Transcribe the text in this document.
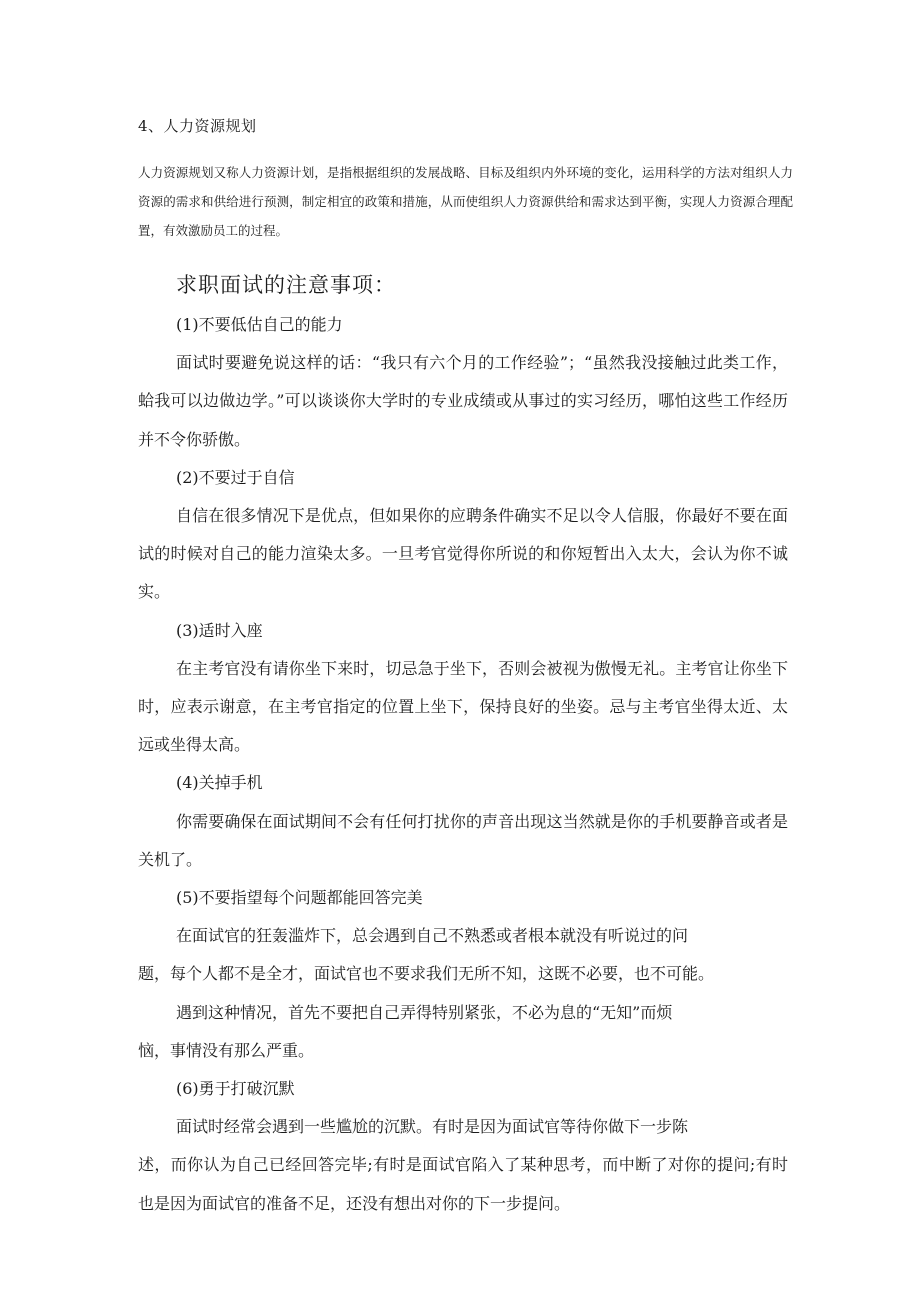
4、人力资源规划
人力资源规划又称人力资源计划，是指根据组织的发展战略、目标及组织内外环境的变化，运用科学的方法对组织人力资源的需求和供给进行预测，制定相宜的政策和措施，从而使组织人力资源供给和需求达到平衡，实现人力资源合理配置，有效激励员工的过程。
求职面试的注意事项：

(1)不要低估自己的能力

面试时要避免说这样的话：“我只有六个月的工作经验”；“虽然我没接触过此类工作，蛤我可以边做边学。”可以谈谈你大学时的专业成绩或从事过的实习经历，哪怕这些工作经历并不令你骄傲。

(2)不要过于自信

自信在很多情况下是优点，但如果你的应聘条件确实不足以令人信服，你最好不要在面试的时候对自己的能力渲染太多。一旦考官觉得你所说的和你短暂出入太大，会认为你不诚实。

(3)适时入座

在主考官没有请你坐下来时，切忌急于坐下，否则会被视为傲慢无礼。主考官让你坐下时，应表示谢意，在主考官指定的位置上坐下，保持良好的坐姿。忌与主考官坐得太近、太远或坐得太高。

(4)关掉手机

你需要确保在面试期间不会有任何打扰你的声音出现这当然就是你的手机要静音或者是关机了。

(5)不要指望每个问题都能回答完美

在面试官的狂轰滥炸下，总会遇到自己不熟悉或者根本就没有听说过的问

题，每个人都不是全才，面试官也不要求我们无所不知，这既不必要，也不可能。

遇到这种情况，首先不要把自己弄得特别紧张，不必为息的“无知”而烦

恼，事情没有那么严重。

(6)勇于打破沉默

面试时经常会遇到一些尴尬的沉默。有时是因为面试官等待你做下一步陈

述，而你认为自己已经回答完毕;有时是面试官陷入了某种思考，而中断了对你的提问;有时也是因为面试官的准备不足，还没有想出对你的下一步提问。
